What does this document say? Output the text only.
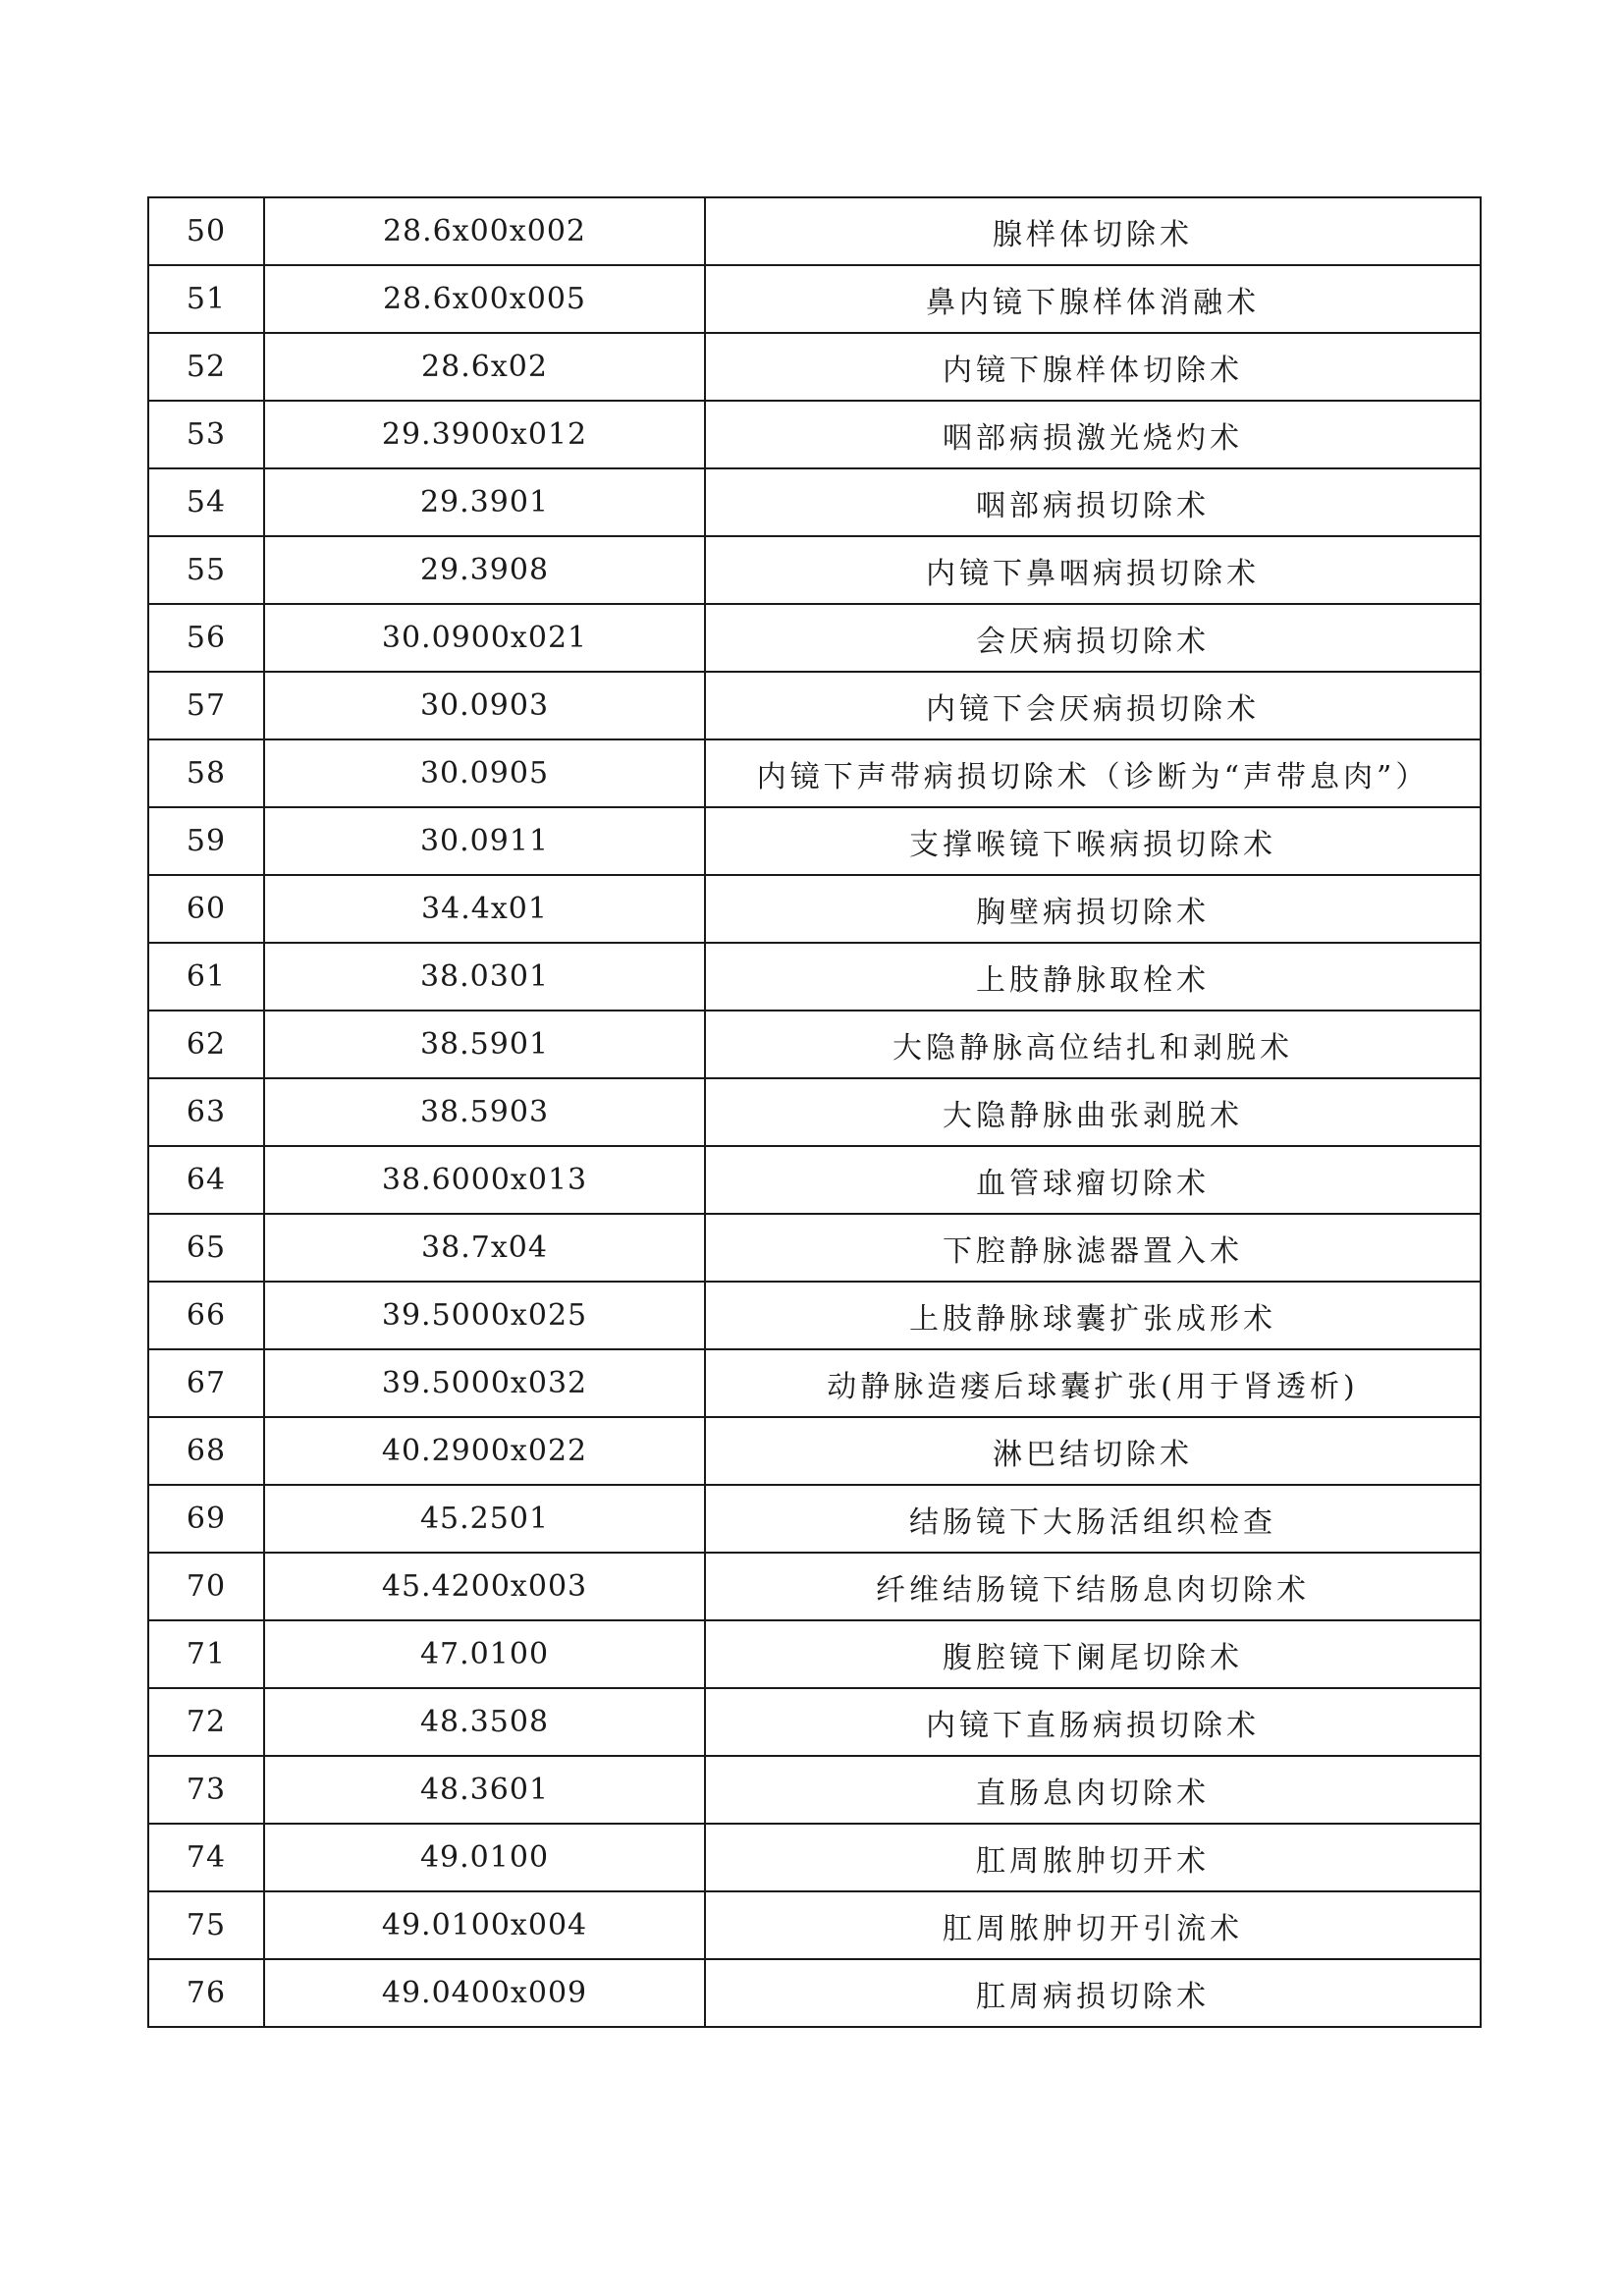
50	28.6x00x002	腺样体切除术
51	28.6x00x005	鼻内镜下腺样体消融术
52	28.6x02	内镜下腺样体切除术
53	29.3900x012	咽部病损激光烧灼术
54	29.3901	咽部病损切除术
55	29.3908	内镜下鼻咽病损切除术
56	30.0900x021	会厌病损切除术
57	30.0903	内镜下会厌病损切除术
58	30.0905	内镜下声带病损切除术（诊断为“声带息肉”）
59	30.0911	支撑喉镜下喉病损切除术
60	34.4x01	胸壁病损切除术
61	38.0301	上肢静脉取栓术
62	38.5901	大隐静脉高位结扎和剥脱术
63	38.5903	大隐静脉曲张剥脱术
64	38.6000x013	血管球瘤切除术
65	38.7x04	下腔静脉滤器置入术
66	39.5000x025	上肢静脉球囊扩张成形术
67	39.5000x032	动静脉造瘘后球囊扩张(用于肾透析)
68	40.2900x022	淋巴结切除术
69	45.2501	结肠镜下大肠活组织检查
70	45.4200x003	纤维结肠镜下结肠息肉切除术
71	47.0100	腹腔镜下阑尾切除术
72	48.3508	内镜下直肠病损切除术
73	48.3601	直肠息肉切除术
74	49.0100	肛周脓肿切开术
75	49.0100x004	肛周脓肿切开引流术
76	49.0400x009	肛周病损切除术
